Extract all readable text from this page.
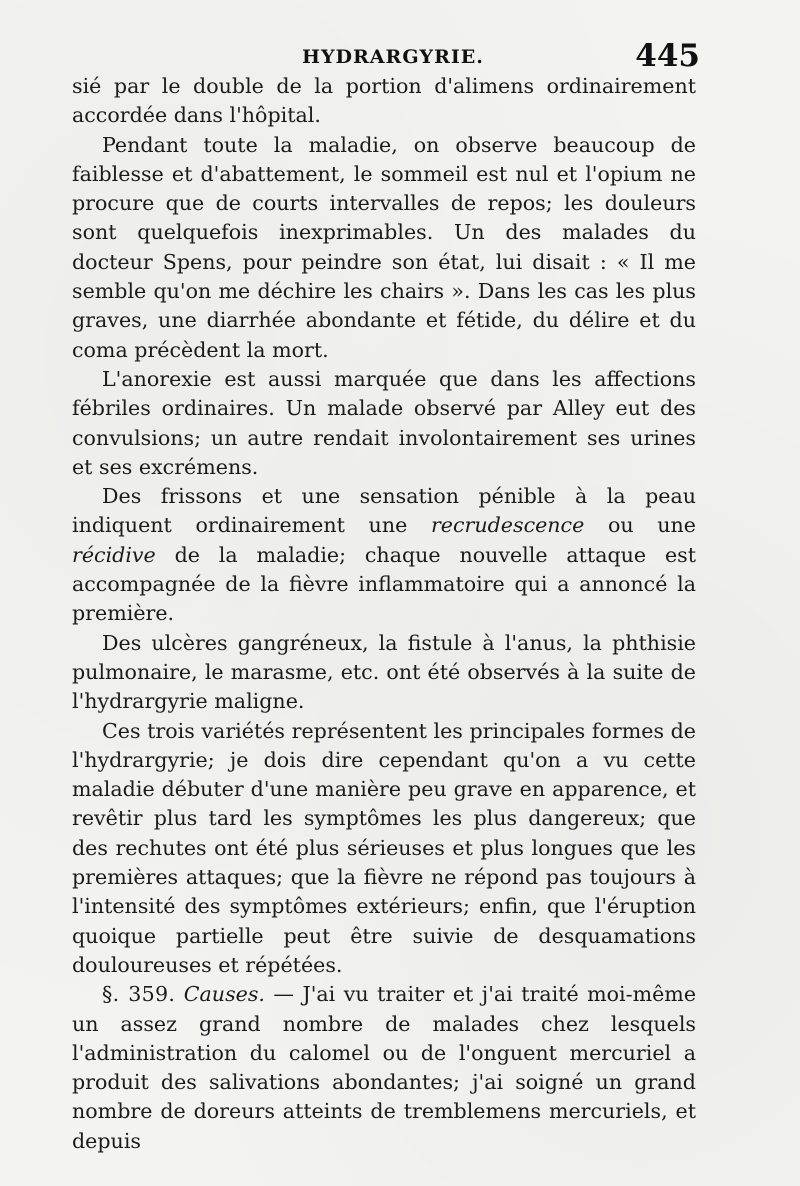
HYDRARGYRIE.	445

sié par le double de la portion d'alimens ordinairement accordée dans l'hôpital.

Pendant toute la maladie, on observe beaucoup de faiblesse et d'abattement, le sommeil est nul et l'opium ne procure que de courts intervalles de repos; les douleurs sont quelquefois inexprimables. Un des malades du docteur Spens, pour peindre son état, lui disait : « Il me semble qu'on me déchire les chairs ». Dans les cas les plus graves, une diarrhée abondante et fétide, du délire et du coma précèdent la mort.

L'anorexie est aussi marquée que dans les affections fébriles ordinaires. Un malade observé par Alley eut des convulsions; un autre rendait involontairement ses urines et ses excrémens.

Des frissons et une sensation pénible à la peau indiquent ordinairement une recrudescence ou une récidive de la maladie; chaque nouvelle attaque est accompagnée de la fièvre inflammatoire qui a annoncé la première.

Des ulcères gangréneux, la fistule à l'anus, la phthisie pulmonaire, le marasme, etc. ont été observés à la suite de l'hydrargyrie maligne.

Ces trois variétés représentent les principales formes de l'hydrargyrie; je dois dire cependant qu'on a vu cette maladie débuter d'une manière peu grave en apparence, et revêtir plus tard les symptômes les plus dangereux; que des rechutes ont été plus sérieuses et plus longues que les premières attaques; que la fièvre ne répond pas toujours à l'intensité des symptômes extérieurs; enfin, que l'éruption quoique partielle peut être suivie de desquamations douloureuses et répétées.

§. 359. Causes. — J'ai vu traiter et j'ai traité moi-même un assez grand nombre de malades chez lesquels l'administration du calomel ou de l'onguent mercuriel a produit des salivations abondantes; j'ai soigné un grand nombre de doreurs atteints de tremblemens mercuriels, et depuis
